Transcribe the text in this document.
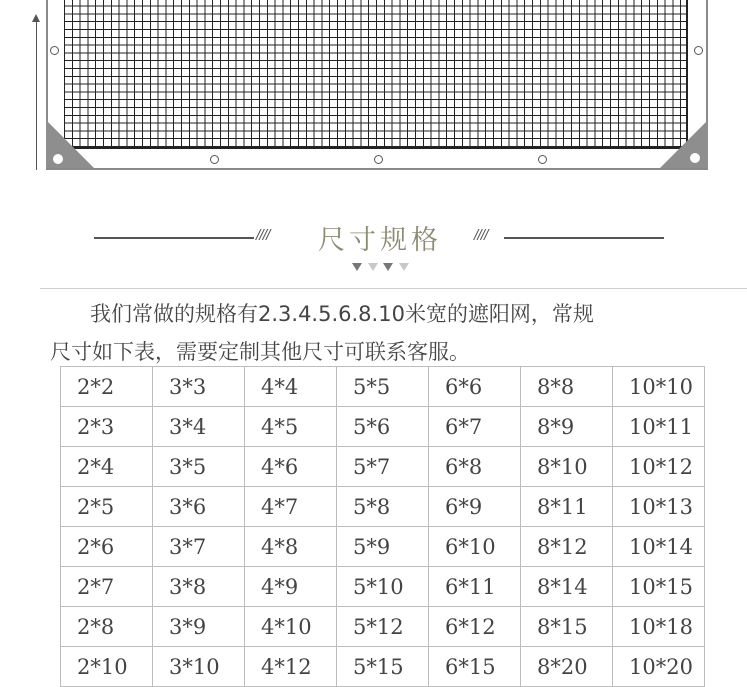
////	尺寸规格	////
我们常做的规格有2.3.4.5.6.8.10米宽的遮阳网，常规
尺寸如下表，需要定制其他尺寸可联系客服。
2*2	3*3	4*4	5*5	6*6	8*8	10*10
2*3	3*4	4*5	5*6	6*7	8*9	10*11
2*4	3*5	4*6	5*7	6*8	8*10	10*12
2*5	3*6	4*7	5*8	6*9	8*11	10*13
2*6	3*7	4*8	5*9	6*10	8*12	10*14
2*7	3*8	4*9	5*10	6*11	8*14	10*15
2*8	3*9	4*10	5*12	6*12	8*15	10*18
2*10	3*10	4*12	5*15	6*15	8*20	10*20
